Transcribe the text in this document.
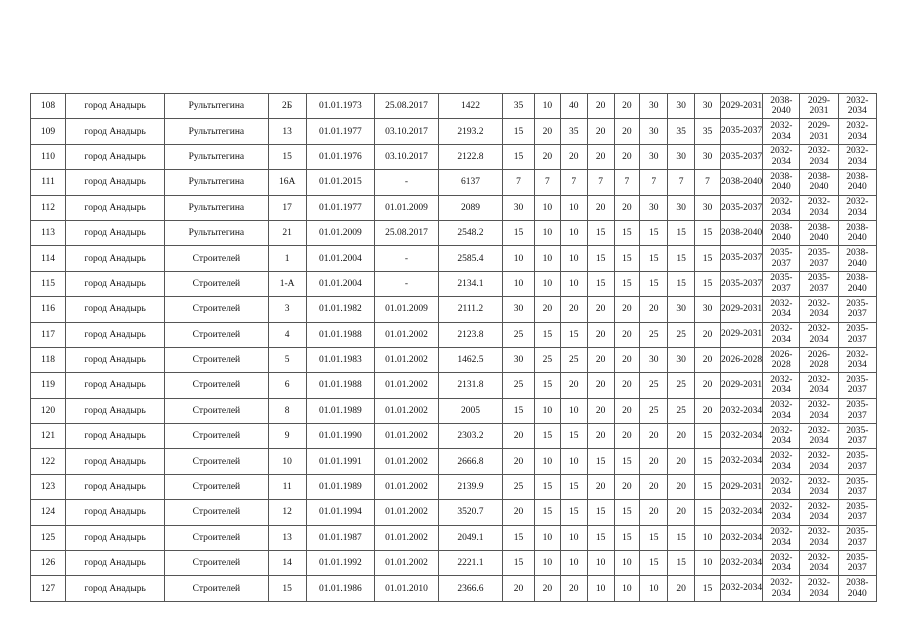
108	город Анадырь	Рультытегина	2Б	01.01.1973	25.08.2017	1422	35	10	40	20	20	30	30	30	2029-2031	2038-2040	2029-2031	2032-2034
109	город Анадырь	Рультытегина	13	01.01.1977	03.10.2017	2193.2	15	20	35	20	20	30	35	35	2035-2037	2032-2034	2029-2031	2032-2034
110	город Анадырь	Рультытегина	15	01.01.1976	03.10.2017	2122.8	15	20	20	20	20	30	30	30	2035-2037	2032-2034	2032-2034	2032-2034
111	город Анадырь	Рультытегина	16А	01.01.2015	-	6137	7	7	7	7	7	7	7	7	2038-2040	2038-2040	2038-2040	2038-2040
112	город Анадырь	Рультытегина	17	01.01.1977	01.01.2009	2089	30	10	10	20	20	30	30	30	2035-2037	2032-2034	2032-2034	2032-2034
113	город Анадырь	Рультытегина	21	01.01.2009	25.08.2017	2548.2	15	10	10	15	15	15	15	15	2038-2040	2038-2040	2038-2040	2038-2040
114	город Анадырь	Строителей	1	01.01.2004	-	2585.4	10	10	10	15	15	15	15	15	2035-2037	2035-2037	2035-2037	2038-2040
115	город Анадырь	Строителей	1-А	01.01.2004	-	2134.1	10	10	10	15	15	15	15	15	2035-2037	2035-2037	2035-2037	2038-2040
116	город Анадырь	Строителей	3	01.01.1982	01.01.2009	2111.2	30	20	20	20	20	20	30	30	2029-2031	2032-2034	2032-2034	2035-2037
117	город Анадырь	Строителей	4	01.01.1988	01.01.2002	2123.8	25	15	15	20	20	25	25	20	2029-2031	2032-2034	2032-2034	2035-2037
118	город Анадырь	Строителей	5	01.01.1983	01.01.2002	1462.5	30	25	25	20	20	30	30	20	2026-2028	2026-2028	2026-2028	2032-2034
119	город Анадырь	Строителей	6	01.01.1988	01.01.2002	2131.8	25	15	20	20	20	25	25	20	2029-2031	2032-2034	2032-2034	2035-2037
120	город Анадырь	Строителей	8	01.01.1989	01.01.2002	2005	15	10	10	20	20	25	25	20	2032-2034	2032-2034	2032-2034	2035-2037
121	город Анадырь	Строителей	9	01.01.1990	01.01.2002	2303.2	20	15	15	20	20	20	20	15	2032-2034	2032-2034	2032-2034	2035-2037
122	город Анадырь	Строителей	10	01.01.1991	01.01.2002	2666.8	20	10	10	15	15	20	20	15	2032-2034	2032-2034	2032-2034	2035-2037
123	город Анадырь	Строителей	11	01.01.1989	01.01.2002	2139.9	25	15	15	20	20	20	20	15	2029-2031	2032-2034	2032-2034	2035-2037
124	город Анадырь	Строителей	12	01.01.1994	01.01.2002	3520.7	20	15	15	15	15	20	20	15	2032-2034	2032-2034	2032-2034	2035-2037
125	город Анадырь	Строителей	13	01.01.1987	01.01.2002	2049.1	15	10	10	15	15	15	15	10	2032-2034	2032-2034	2032-2034	2035-2037
126	город Анадырь	Строителей	14	01.01.1992	01.01.2002	2221.1	15	10	10	10	10	15	15	10	2032-2034	2032-2034	2032-2034	2035-2037
127	город Анадырь	Строителей	15	01.01.1986	01.01.2010	2366.6	20	20	20	10	10	10	20	15	2032-2034	2032-2034	2032-2034	2038-2040
